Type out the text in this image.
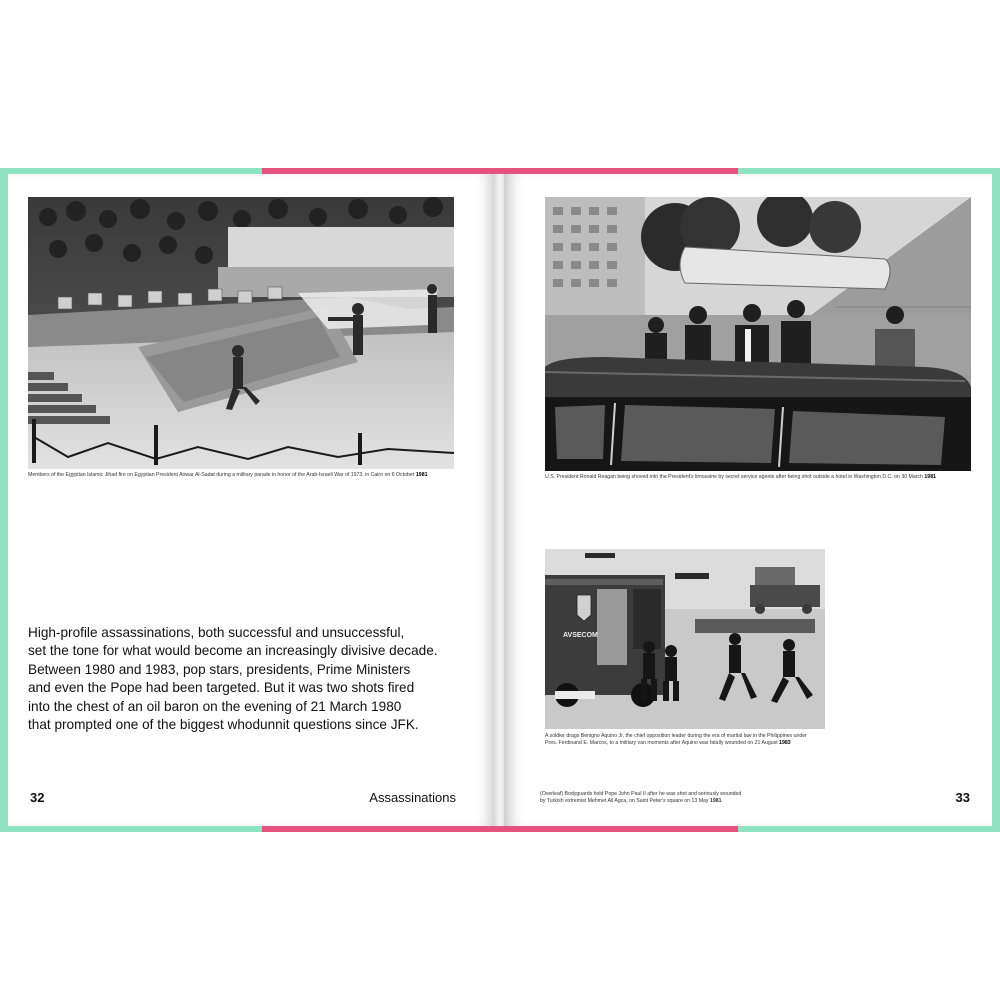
Members of the Egyptian Islamic Jihad fire on Egyptian President Anwar Al-Sadat during a military parade in honor of the Arab-Israeli War of 1973, in Cairo on 6 October 1981

High-profile assassinations, both successful and unsuccessful,

set the tone for what would become an increasingly divisive decade.

Between 1980 and 1983, pop stars, presidents, Prime Ministers

and even the Pope had been targeted. But it was two shots fired

into the chest of an oil baron on the evening of 21 March 1980

that prompted one of the biggest whodunnit questions since JFK.

32	Assassinations
U.S. President Ronald Reagan being shoved into the President's limousine by secret service agents after being shot outside a hotel in Washington D.C. on 30 March 1981
AVSECOM
A soldier drags Benigno Aquino Jr, the chief opposition leader during the era of martial law in the Philippines under
Pres. Ferdinand E. Marcos, to a military van moments after Aquino was fatally wounded on 21 August 1983
(Overleaf) Bodyguards hold Pope John Paul II after he was shot and seriously wounded
by Turkish extremist Mehmet Ali Agca, on Saint Peter's square on 13 May 1981	33
